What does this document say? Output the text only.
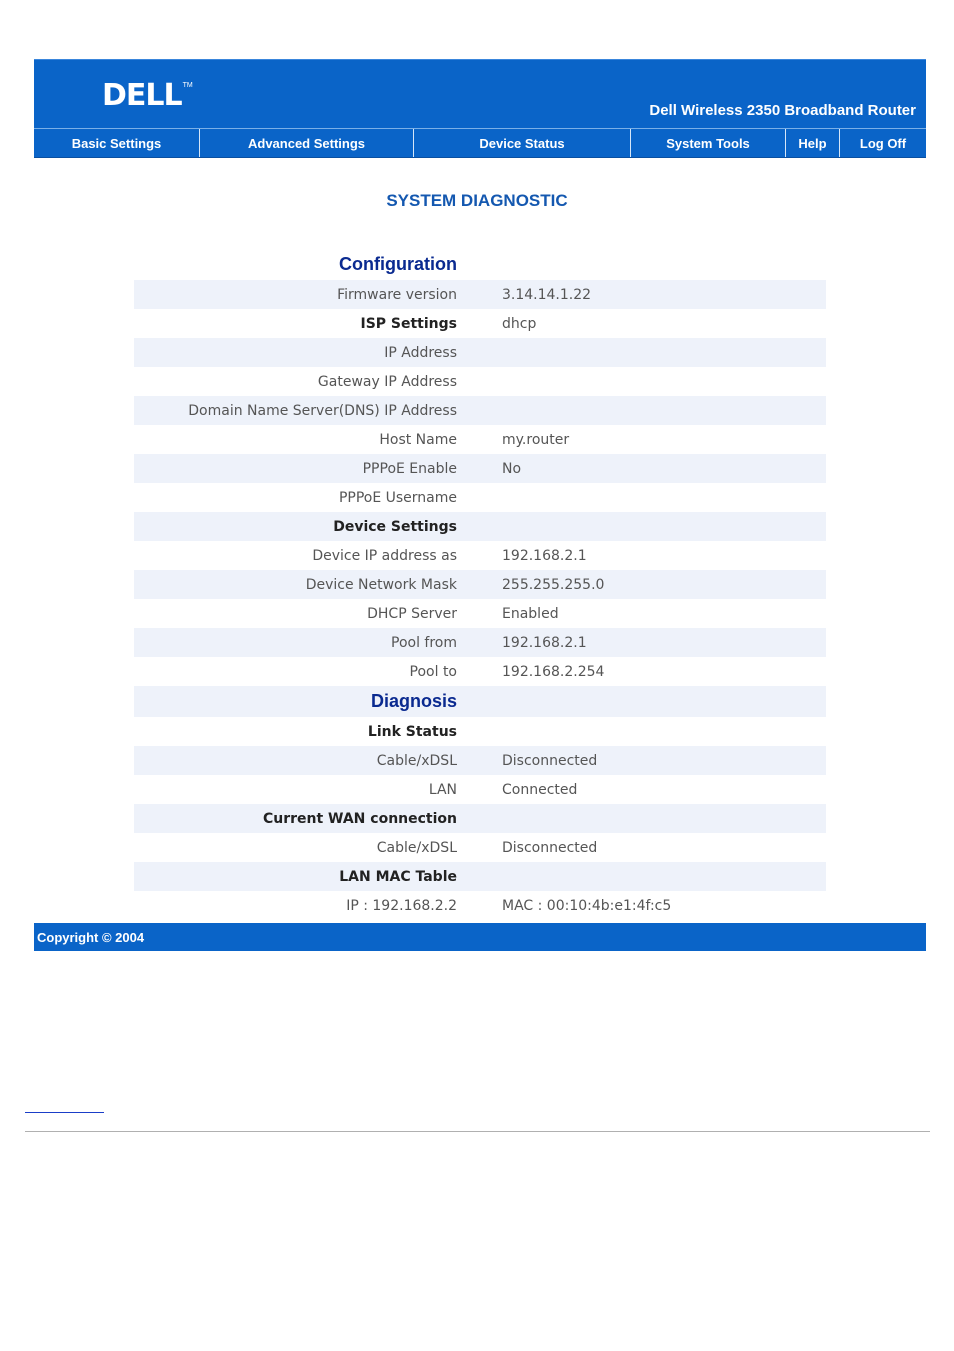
DELL TM
Dell Wireless 2350 Broadband Router
Basic Settings	Advanced Settings	Device Status	System Tools	Help	Log Off
SYSTEM DIAGNOSTIC
Configuration
Firmware version	3.14.14.1.22
ISP Settings	dhcp
IP Address
Gateway IP Address
Domain Name Server(DNS) IP Address
Host Name	my.router
PPPoE Enable	No
PPPoE Username
Device Settings
Device IP address as	192.168.2.1
Device Network Mask	255.255.255.0
DHCP Server	Enabled
Pool from	192.168.2.1
Pool to	192.168.2.254
Diagnosis
Link Status
Cable/xDSL	Disconnected
LAN	Connected
Current WAN connection
Cable/xDSL	Disconnected
LAN MAC Table
IP : 192.168.2.2	MAC : 00:10:4b:e1:4f:c5
Copyright © 2004
